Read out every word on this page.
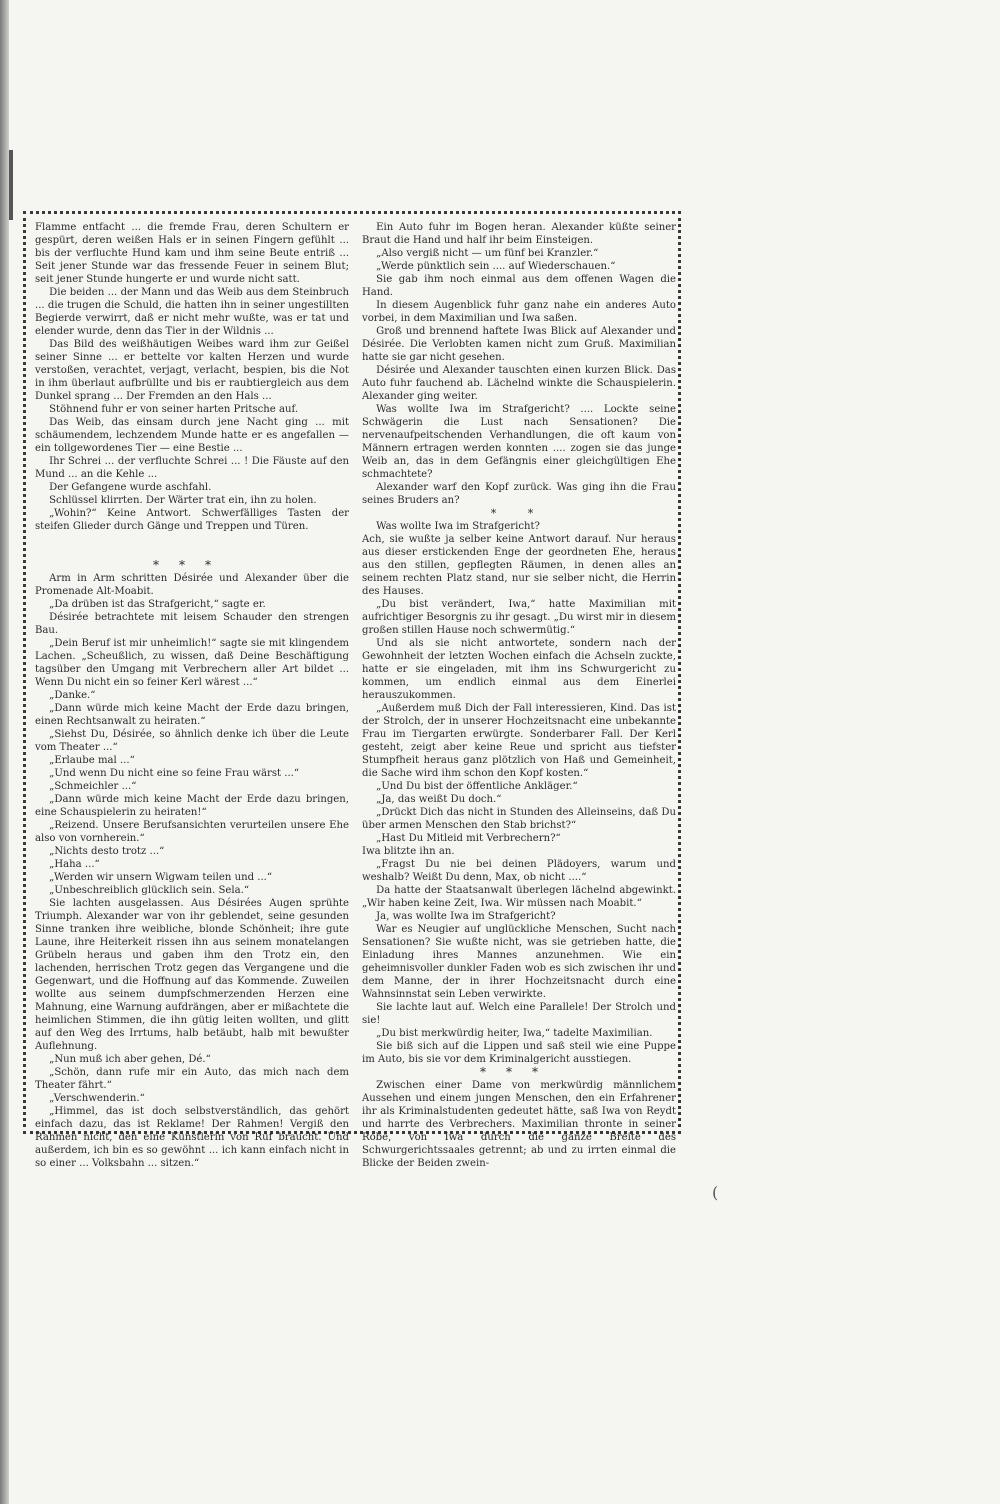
Flamme entfacht ... die fremde Frau, deren Schultern er gespürt, deren weißen Hals er in seinen Fingern gefühlt ... bis der verfluchte Hund kam und ihm seine Beute entriß ... Seit jener Stunde war das fressende Feuer in seinem Blut; seit jener Stunde hungerte er und wurde nicht satt.

Die beiden ... der Mann und das Weib aus dem Steinbruch ... die trugen die Schuld, die hatten ihn in seiner ungestillten Begierde verwirrt, daß er nicht mehr wußte, was er tat und elender wurde, denn das Tier in der Wildnis ...

Das Bild des weißhäutigen Weibes ward ihm zur Geißel seiner Sinne ... er bettelte vor kalten Herzen und wurde verstoßen, verachtet, verjagt, verlacht, bespien, bis die Not in ihm überlaut aufbrüllte und bis er raubtiergleich aus dem Dunkel sprang ... Der Fremden an den Hals ...

Stöhnend fuhr er von seiner harten Pritsche auf.

Das Weib, das einsam durch jene Nacht ging ... mit schäumendem, lechzendem Munde hatte er es angefallen — ein tollgewordenes Tier — eine Bestie ...

Ihr Schrei ... der verfluchte Schrei ... ! Die Fäuste auf den Mund ... an die Kehle ...

Der Gefangene wurde aschfahl.

Schlüssel klirrten. Der Wärter trat ein, ihn zu holen.

„Wohin?“ Keine Antwort. Schwerfälliges Tasten der steifen Glieder durch Gänge und Treppen und Türen.

***

Arm in Arm schritten Désirée und Alexander über die Promenade Alt-Moabit.

„Da drüben ist das Strafgericht,“ sagte er.

Désirée betrachtete mit leisem Schauder den strengen Bau.

„Dein Beruf ist mir unheimlich!“ sagte sie mit klingendem Lachen. „Scheußlich, zu wissen, daß Deine Beschäftigung tagsüber den Umgang mit Verbrechern aller Art bildet ... Wenn Du nicht ein so feiner Kerl wärest ...“

„Danke.“

„Dann würde mich keine Macht der Erde dazu bringen, einen Rechtsanwalt zu heiraten.“

„Siehst Du, Désirée, so ähnlich denke ich über die Leute vom Theater ...“

„Erlaube mal ...“

„Und wenn Du nicht eine so feine Frau wärst ...“

„Schmeichler ...“

„Dann würde mich keine Macht der Erde dazu bringen, eine Schauspielerin zu heiraten!“

„Reizend. Unsere Berufsansichten verurteilen unsere Ehe also von vornherein.“

„Nichts desto trotz ...“

„Haha ...“

„Werden wir unsern Wigwam teilen und ...“

„Unbeschreiblich glücklich sein. Sela.“

Sie lachten ausgelassen. Aus Désirées Augen sprühte Triumph. Alexander war von ihr geblendet, seine gesunden Sinne tranken ihre weibliche, blonde Schönheit; ihre gute Laune, ihre Heiterkeit rissen ihn aus seinem monatelangen Grübeln heraus und gaben ihm den Trotz ein, den lachenden, herrischen Trotz gegen das Vergangene und die Gegenwart, und die Hoffnung auf das Kommende. Zuweilen wollte aus seinem dumpfschmerzenden Herzen eine Mahnung, eine Warnung aufdrängen, aber er mißachtete die heimlichen Stimmen, die ihn gütig leiten wollten, und glitt auf den Weg des Irrtums, halb betäubt, halb mit bewußter Auflehnung.

„Nun muß ich aber gehen, Dé.“

„Schön, dann rufe mir ein Auto, das mich nach dem Theater fährt.“

„Verschwenderin.“

„Himmel, das ist doch selbstverständlich, das gehört einfach dazu, das ist Reklame! Der Rahmen! Vergiß den Rahmen nicht, den eine Künstlerin von Ruf braucht. Und außerdem, ich bin es so gewöhnt ... ich kann einfach nicht in so einer ... Volksbahn ... sitzen.“

Ein Auto fuhr im Bogen heran. Alexander küßte seiner Braut die Hand und half ihr beim Einsteigen.

„Also vergiß nicht — um fünf bei Kranzler.“

„Werde pünktlich sein .... auf Wiederschauen.“

Sie gab ihm noch einmal aus dem offenen Wagen die Hand.

In diesem Augenblick fuhr ganz nahe ein anderes Auto vorbei, in dem Maximilian und Iwa saßen.

Groß und brennend haftete Iwas Blick auf Alexander und Désirée. Die Verlobten kamen nicht zum Gruß. Maximilian hatte sie gar nicht gesehen.

Désirée und Alexander tauschten einen kurzen Blick. Das Auto fuhr fauchend ab. Lächelnd winkte die Schauspielerin. Alexander ging weiter.

Was wollte Iwa im Strafgericht? .... Lockte seine Schwägerin die Lust nach Sensationen? Die nervenaufpeitschenden Verhandlungen, die oft kaum von Männern ertragen werden konnten .... zogen sie das junge Weib an, das in dem Gefängnis einer gleichgültigen Ehe schmachtete?

Alexander warf den Kopf zurück. Was ging ihn die Frau seines Bruders an?

* *

Was wollte Iwa im Strafgericht?

Ach, sie wußte ja selber keine Antwort darauf. Nur heraus aus dieser erstickenden Enge der geordneten Ehe, heraus aus den stillen, gepflegten Räumen, in denen alles an seinem rechten Platz stand, nur sie selber nicht, die Herrin des Hauses.

„Du bist verändert, Iwa,“ hatte Maximilian mit aufrichtiger Besorgnis zu ihr gesagt. „Du wirst mir in diesem großen stillen Hause noch schwermütig.“

Und als sie nicht antwortete, sondern nach der Gewohnheit der letzten Wochen einfach die Achseln zuckte, hatte er sie eingeladen, mit ihm ins Schwurgericht zu kommen, um endlich einmal aus dem Einerlei herauszukommen.

„Außerdem muß Dich der Fall interessieren, Kind. Das ist der Strolch, der in unserer Hochzeitsnacht eine unbekannte Frau im Tiergarten erwürgte. Sonderbarer Fall. Der Kerl gesteht, zeigt aber keine Reue und spricht aus tiefster Stumpfheit heraus ganz plötzlich von Haß und Gemeinheit, die Sache wird ihm schon den Kopf kosten.“

„Und Du bist der öffentliche Ankläger.“

„Ja, das weißt Du doch.“

„Drückt Dich das nicht in Stunden des Alleinseins, daß Du über armen Menschen den Stab brichst?“

„Hast Du Mitleid mit Verbrechern?“

Iwa blitzte ihn an.

„Fragst Du nie bei deinen Plädoyers, warum und weshalb? Weißt Du denn, Max, ob nicht ....“

Da hatte der Staatsanwalt überlegen lächelnd abgewinkt. „Wir haben keine Zeit, Iwa. Wir müssen nach Moabit.“

Ja, was wollte Iwa im Strafgericht?

War es Neugier auf unglückliche Menschen, Sucht nach Sensationen? Sie wußte nicht, was sie getrieben hatte, die Einladung ihres Mannes anzunehmen. Wie ein geheimnisvoller dunkler Faden wob es sich zwischen ihr und dem Manne, der in ihrer Hochzeitsnacht durch eine Wahnsinnstat sein Leben verwirkte.

Sie lachte laut auf. Welch eine Parallele! Der Strolch und sie!

„Du bist merkwürdig heiter, Iwa,“ tadelte Maximilian.

Sie biß sich auf die Lippen und saß steil wie eine Puppe im Auto, bis sie vor dem Kriminalgericht ausstiegen.

***

Zwischen einer Dame von merkwürdig männlichem Aussehen und einem jungen Menschen, den ein Erfahrener ihr als Kriminalstudenten gedeutet hätte, saß Iwa von Reydt und harrte des Verbrechers. Maximilian thronte in seiner Robe, von Iwa durch die ganze Breite des Schwurgerichtssaales getrennt; ab und zu irrten einmal die Blicke der Beiden zwein-

(
